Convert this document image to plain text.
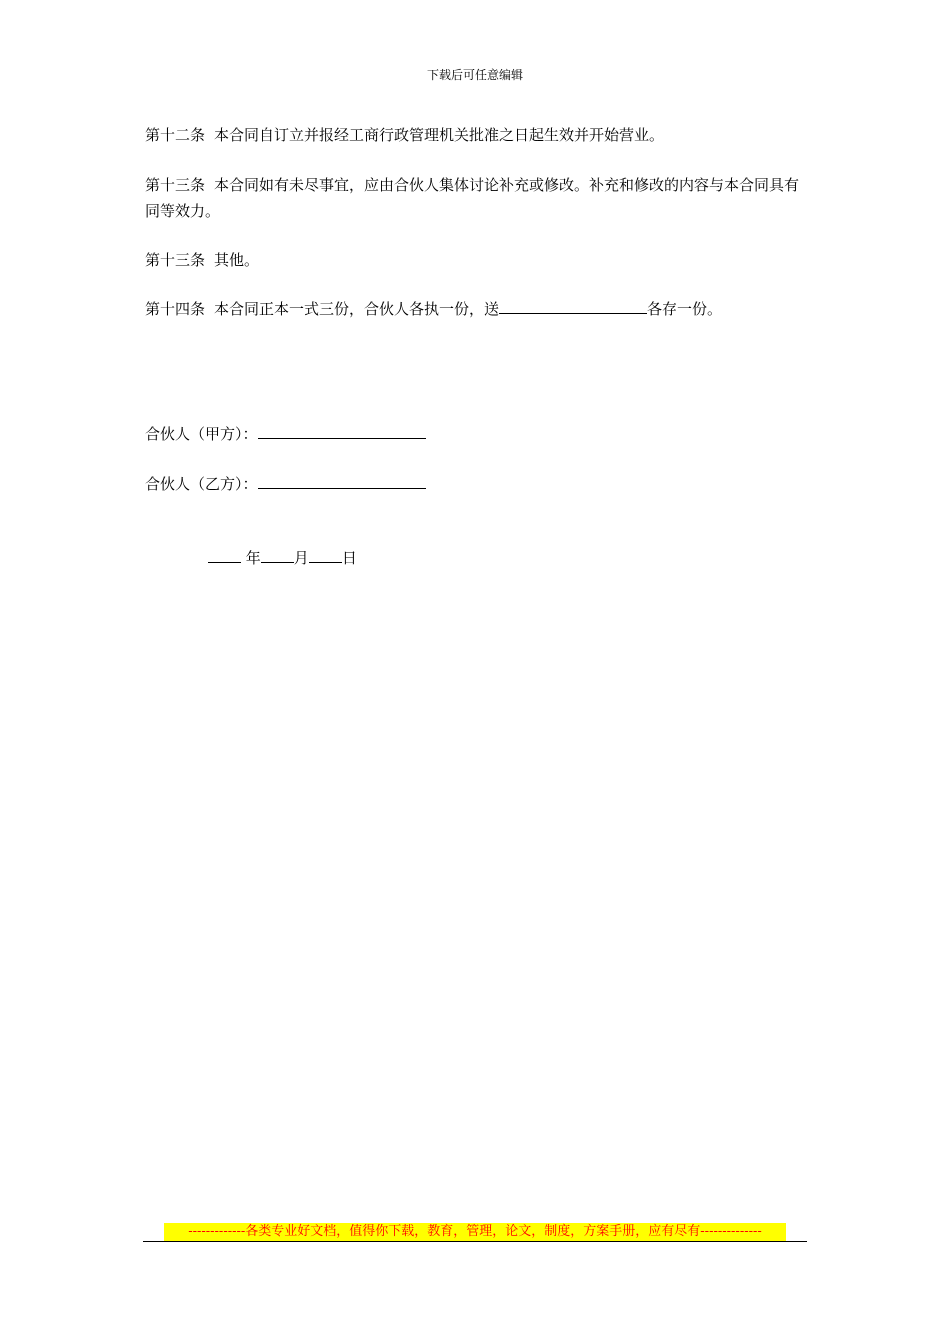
下载后可任意编辑
第十二条 本合同自订立并报经工商行政管理机关批准之日起生效并开始营业。
第十三条 本合同如有未尽事宜，应由合伙人集体讨论补充或修改。补充和修改的内容与本合同具有同等效力。
第十三条 其他。
第十四条 本合同正本一式三份，合伙人各执一份，送	各存一份。
合伙人（甲方）：
合伙人（乙方）：
年 月 日
-------------各类专业好文档，值得你下载，教育，管理，论文，制度，方案手册，应有尽有--------------
